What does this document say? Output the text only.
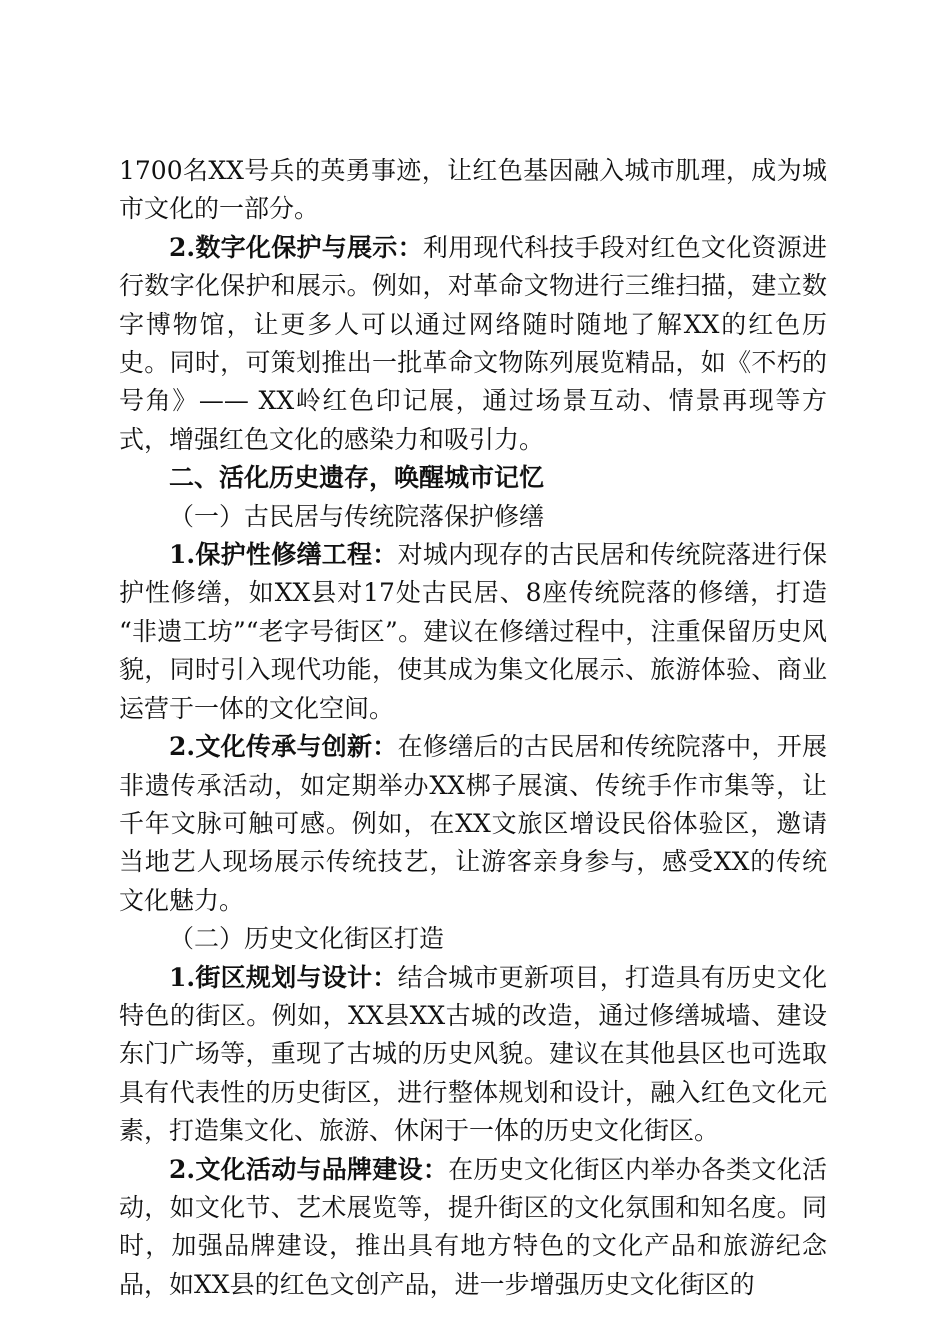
1700名XX号兵的英勇事迹，让红色基因融入城市肌理，成为城市文化的一部分。

2.数字化保护与展示：利用现代科技手段对红色文化资源进行数字化保护和展示。例如，对革命文物进行三维扫描，建立数字博物馆，让更多人可以通过网络随时随地了解XX的红色历史。同时，可策划推出一批革命文物陈列展览精品，如《不朽的号角》—— XX岭红色印记展，通过场景互动、情景再现等方式，增强红色文化的感染力和吸引力。

二、活化历史遗存，唤醒城市记忆

（一）古民居与传统院落保护修缮

1.保护性修缮工程：对城内现存的古民居和传统院落进行保护性修缮，如XX县对17处古民居、8座传统院落的修缮，打造 “非遗工坊”“老字号街区”。建议在修缮过程中，注重保留历史风貌，同时引入现代功能，使其成为集文化展示、旅游体验、商业运营于一体的文化空间。

2.文化传承与创新：在修缮后的古民居和传统院落中，开展非遗传承活动，如定期举办XX梆子展演、传统手作市集等，让千年文脉可触可感。例如，在XX文旅区增设民俗体验区，邀请当地艺人现场展示传统技艺，让游客亲身参与，感受XX的传统文化魅力。

（二）历史文化街区打造

1.街区规划与设计：结合城市更新项目，打造具有历史文化特色的街区。例如，XX县XX古城的改造，通过修缮城墙、建设东门广场等，重现了古城的历史风貌。建议在其他县区也可选取具有代表性的历史街区，进行整体规划和设计，融入红色文化元素，打造集文化、旅游、休闲于一体的历史文化街区。

2.文化活动与品牌建设：在历史文化街区内举办各类文化活动，如文化节、艺术展览等，提升街区的文化氛围和知名度。同时，加强品牌建设，推出具有地方特色的文化产品和旅游纪念品，如XX县的红色文创产品，进一步增强历史文化街区的
